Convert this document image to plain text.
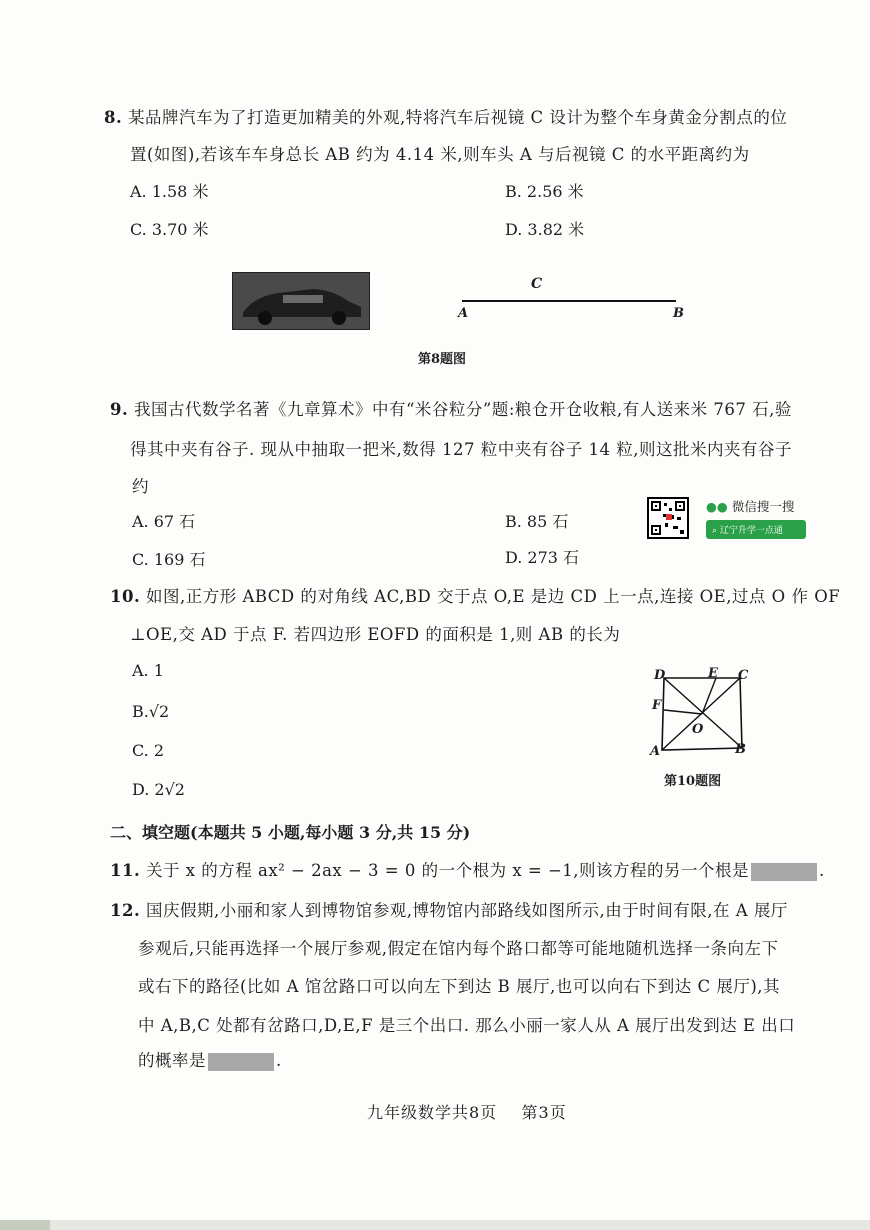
8. 某品牌汽车为了打造更加精美的外观,特将汽车后视镜 C 设计为整个车身黄金分割点的位
置(如图),若该车车身总长 AB 约为 4.14 米,则车头 A 与后视镜 C 的水平距离约为
A. 1.58 米	B. 2.56 米
C. 3.70 米	D. 3.82 米
C
A	B
第8题图
9. 我国古代数学名著《九章算术》中有“米谷粒分”题:粮仓开仓收粮,有人送来米 767 石,验
得其中夹有谷子. 现从中抽取一把米,数得 127 粒中夹有谷子 14 粒,则这批米内夹有谷子
约
A. 67 石	B. 85 石
C. 169 石	D. 273 石
●● 微信搜一搜
⌕ 辽宁升学一点通
10. 如图,正方形 ABCD 的对角线 AC,BD 交于点 O,E 是边 CD 上一点,连接 OE,过点 O 作 OF
⊥OE,交 AD 于点 F. 若四边形 EOFD 的面积是 1,则 AB 的长为
A. 1
B.√2
C. 2
D. 2√2
D	E C
F
O
A	B
第10题图
二、填空题(本题共 5 小题,每小题 3 分,共 15 分)
11. 关于 x 的方程 ax² − 2ax − 3 = 0 的一个根为 x = −1,则该方程的另一个根是	.
12. 国庆假期,小丽和家人到博物馆参观,博物馆内部路线如图所示,由于时间有限,在 A 展厅
参观后,只能再选择一个展厅参观,假定在馆内每个路口都等可能地随机选择一条向左下
或右下的路径(比如 A 馆岔路口可以向左下到达 B 展厅,也可以向右下到达 C 展厅),其
中 A,B,C 处都有岔路口,D,E,F 是三个出口. 那么小丽一家人从 A 展厅出发到达 E 出口
的概率是	.
九年级数学共8页    第3页
